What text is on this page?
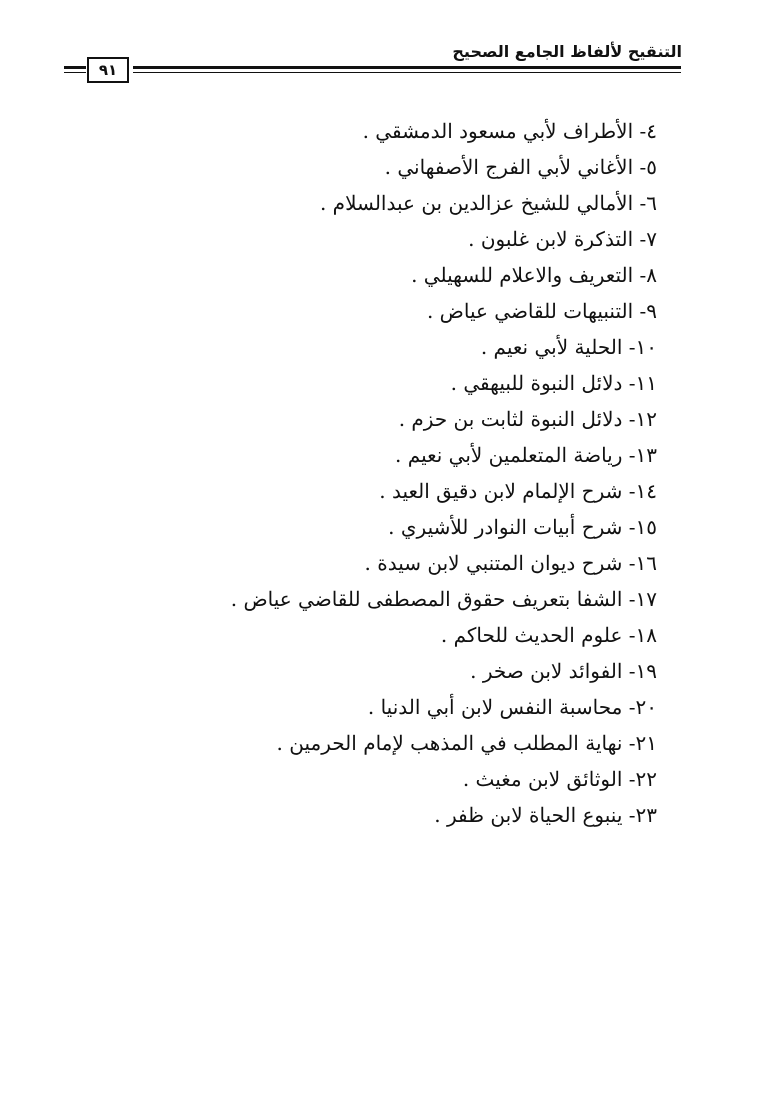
التنقيح لألفاظ الجامع الصحيح
٩١
٤- الأطراف لأبي مسعود الدمشقي .
٥- الأغاني لأبي الفرج الأصفهاني .
٦- الأمالي للشيخ عزالدين بن عبدالسلام .
٧- التذكرة لابن غلبون .
٨- التعريف والاعلام للسهيلي .
٩- التنبيهات للقاضي عياض .
١٠- الحلية لأبي نعيم .
١١- دلائل النبوة للبيهقي .
١٢- دلائل النبوة لثابت بن حزم .
١٣- رياضة المتعلمين لأبي نعيم .
١٤- شرح الإلمام لابن دقيق العيد .
١٥- شرح أبيات النوادر للأشيري .
١٦- شرح ديوان المتنبي لابن سيدة .
١٧- الشفا بتعريف حقوق المصطفى للقاضي عياض .
١٨- علوم الحديث للحاكم .
١٩- الفوائد لابن صخر .
٢٠- محاسبة النفس لابن أبي الدنيا .
٢١- نهاية المطلب في المذهب لإمام الحرمين .
٢٢- الوثائق لابن مغيث .
٢٣- ينبوع الحياة لابن ظفر .
